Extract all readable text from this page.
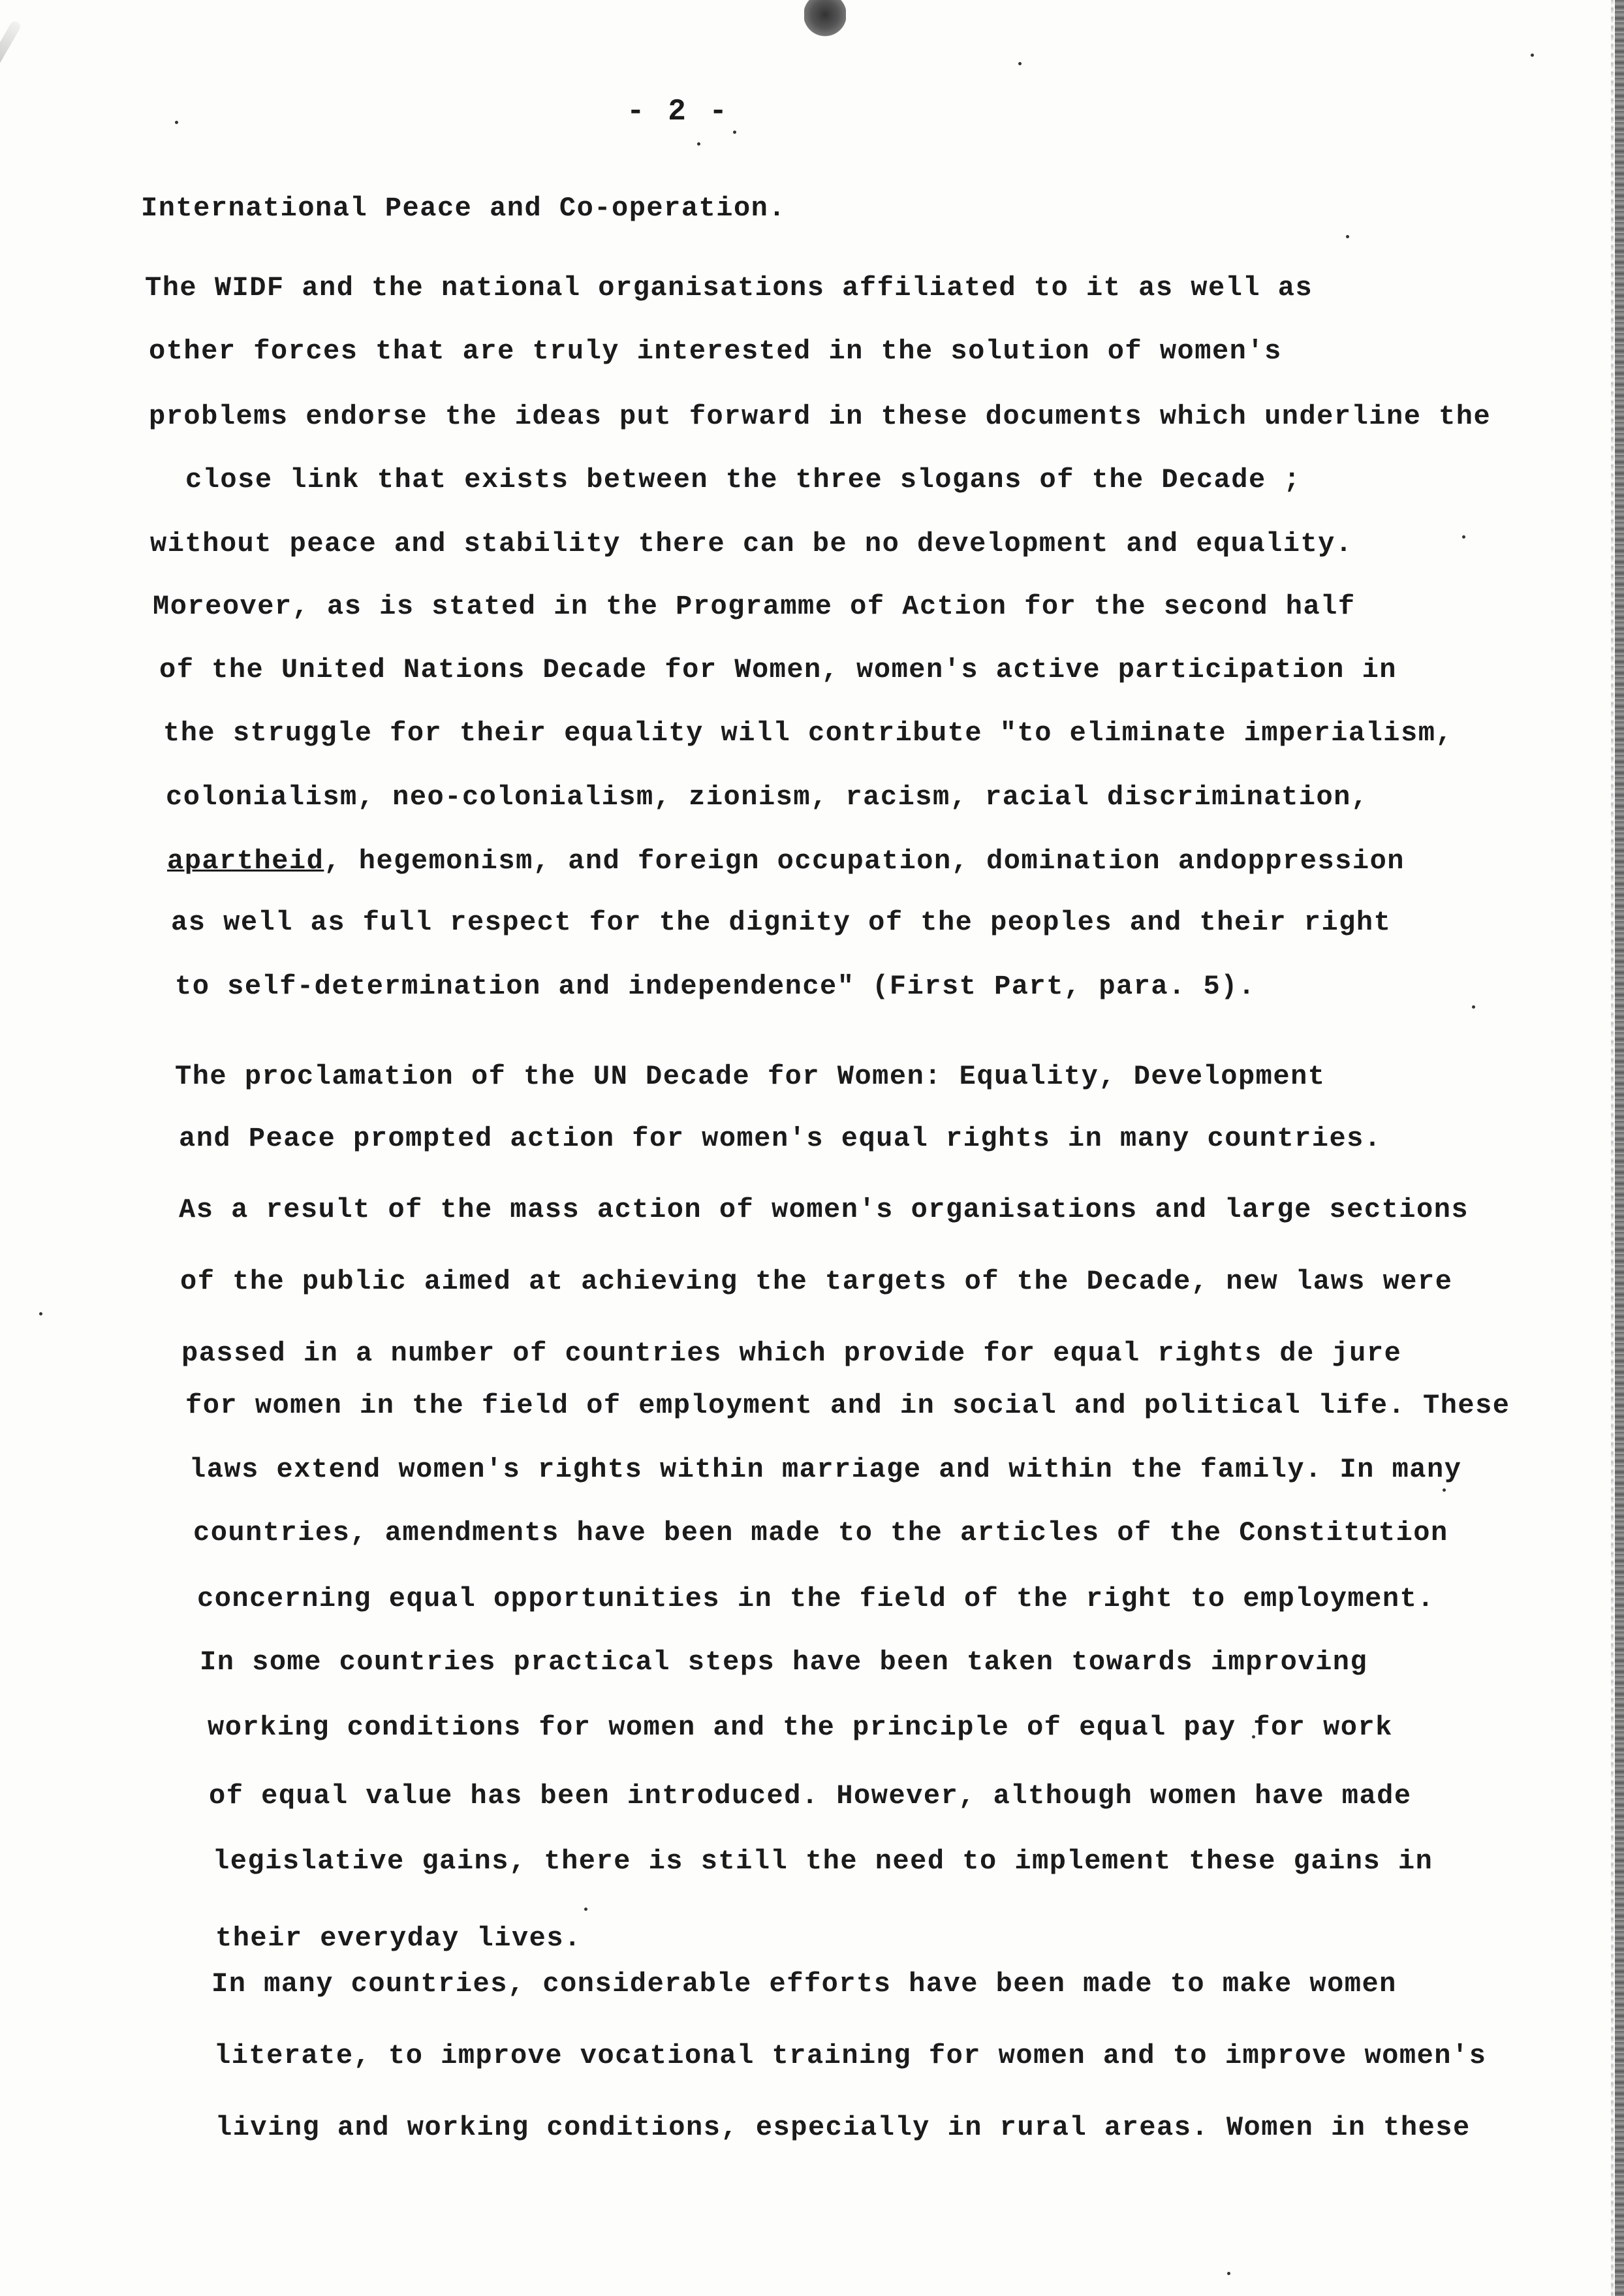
- 2 -
International Peace and Co-operation.
The WIDF and the national organisations affiliated to it as well as
other forces that are truly interested in the solution of women's
problems endorse the ideas put forward in these documents which underline the
close link that exists between the three slogans of the Decade ;
without peace and stability there can be no development and equality.
Moreover, as is stated in the Programme of Action for the second half
of the United Nations Decade for Women, women's active participation in
the struggle for their equality will contribute "to eliminate imperialism,
colonialism, neo-colonialism, zionism, racism, racial discrimination,
apartheid, hegemonism, and foreign occupation, domination andoppression
as well as full respect for the dignity of the peoples and their right
to self-determination and independence" (First Part, para. 5).
The proclamation of the UN Decade for Women: Equality, Development
and Peace prompted action for women's equal rights in many countries.
As a result of the mass action of women's organisations and large sections
of the public aimed at achieving the targets of the Decade, new laws were
passed in a number of countries which provide for equal rights de jure
for women in the field of employment and in social and political life. These
laws extend women's rights within marriage and within the family. In many
countries, amendments have been made to the articles of the Constitution
concerning equal opportunities in the field of the right to employment.
In some countries practical steps have been taken towards improving
working conditions for women and the principle of equal pay for work
of equal value has been introduced. However, although women have made
legislative gains, there is still the need to implement these gains in
their everyday lives.
In many countries, considerable efforts have been made to make women
literate, to improve vocational training for women and to improve women's
living and working conditions, especially in rural areas. Women in these
